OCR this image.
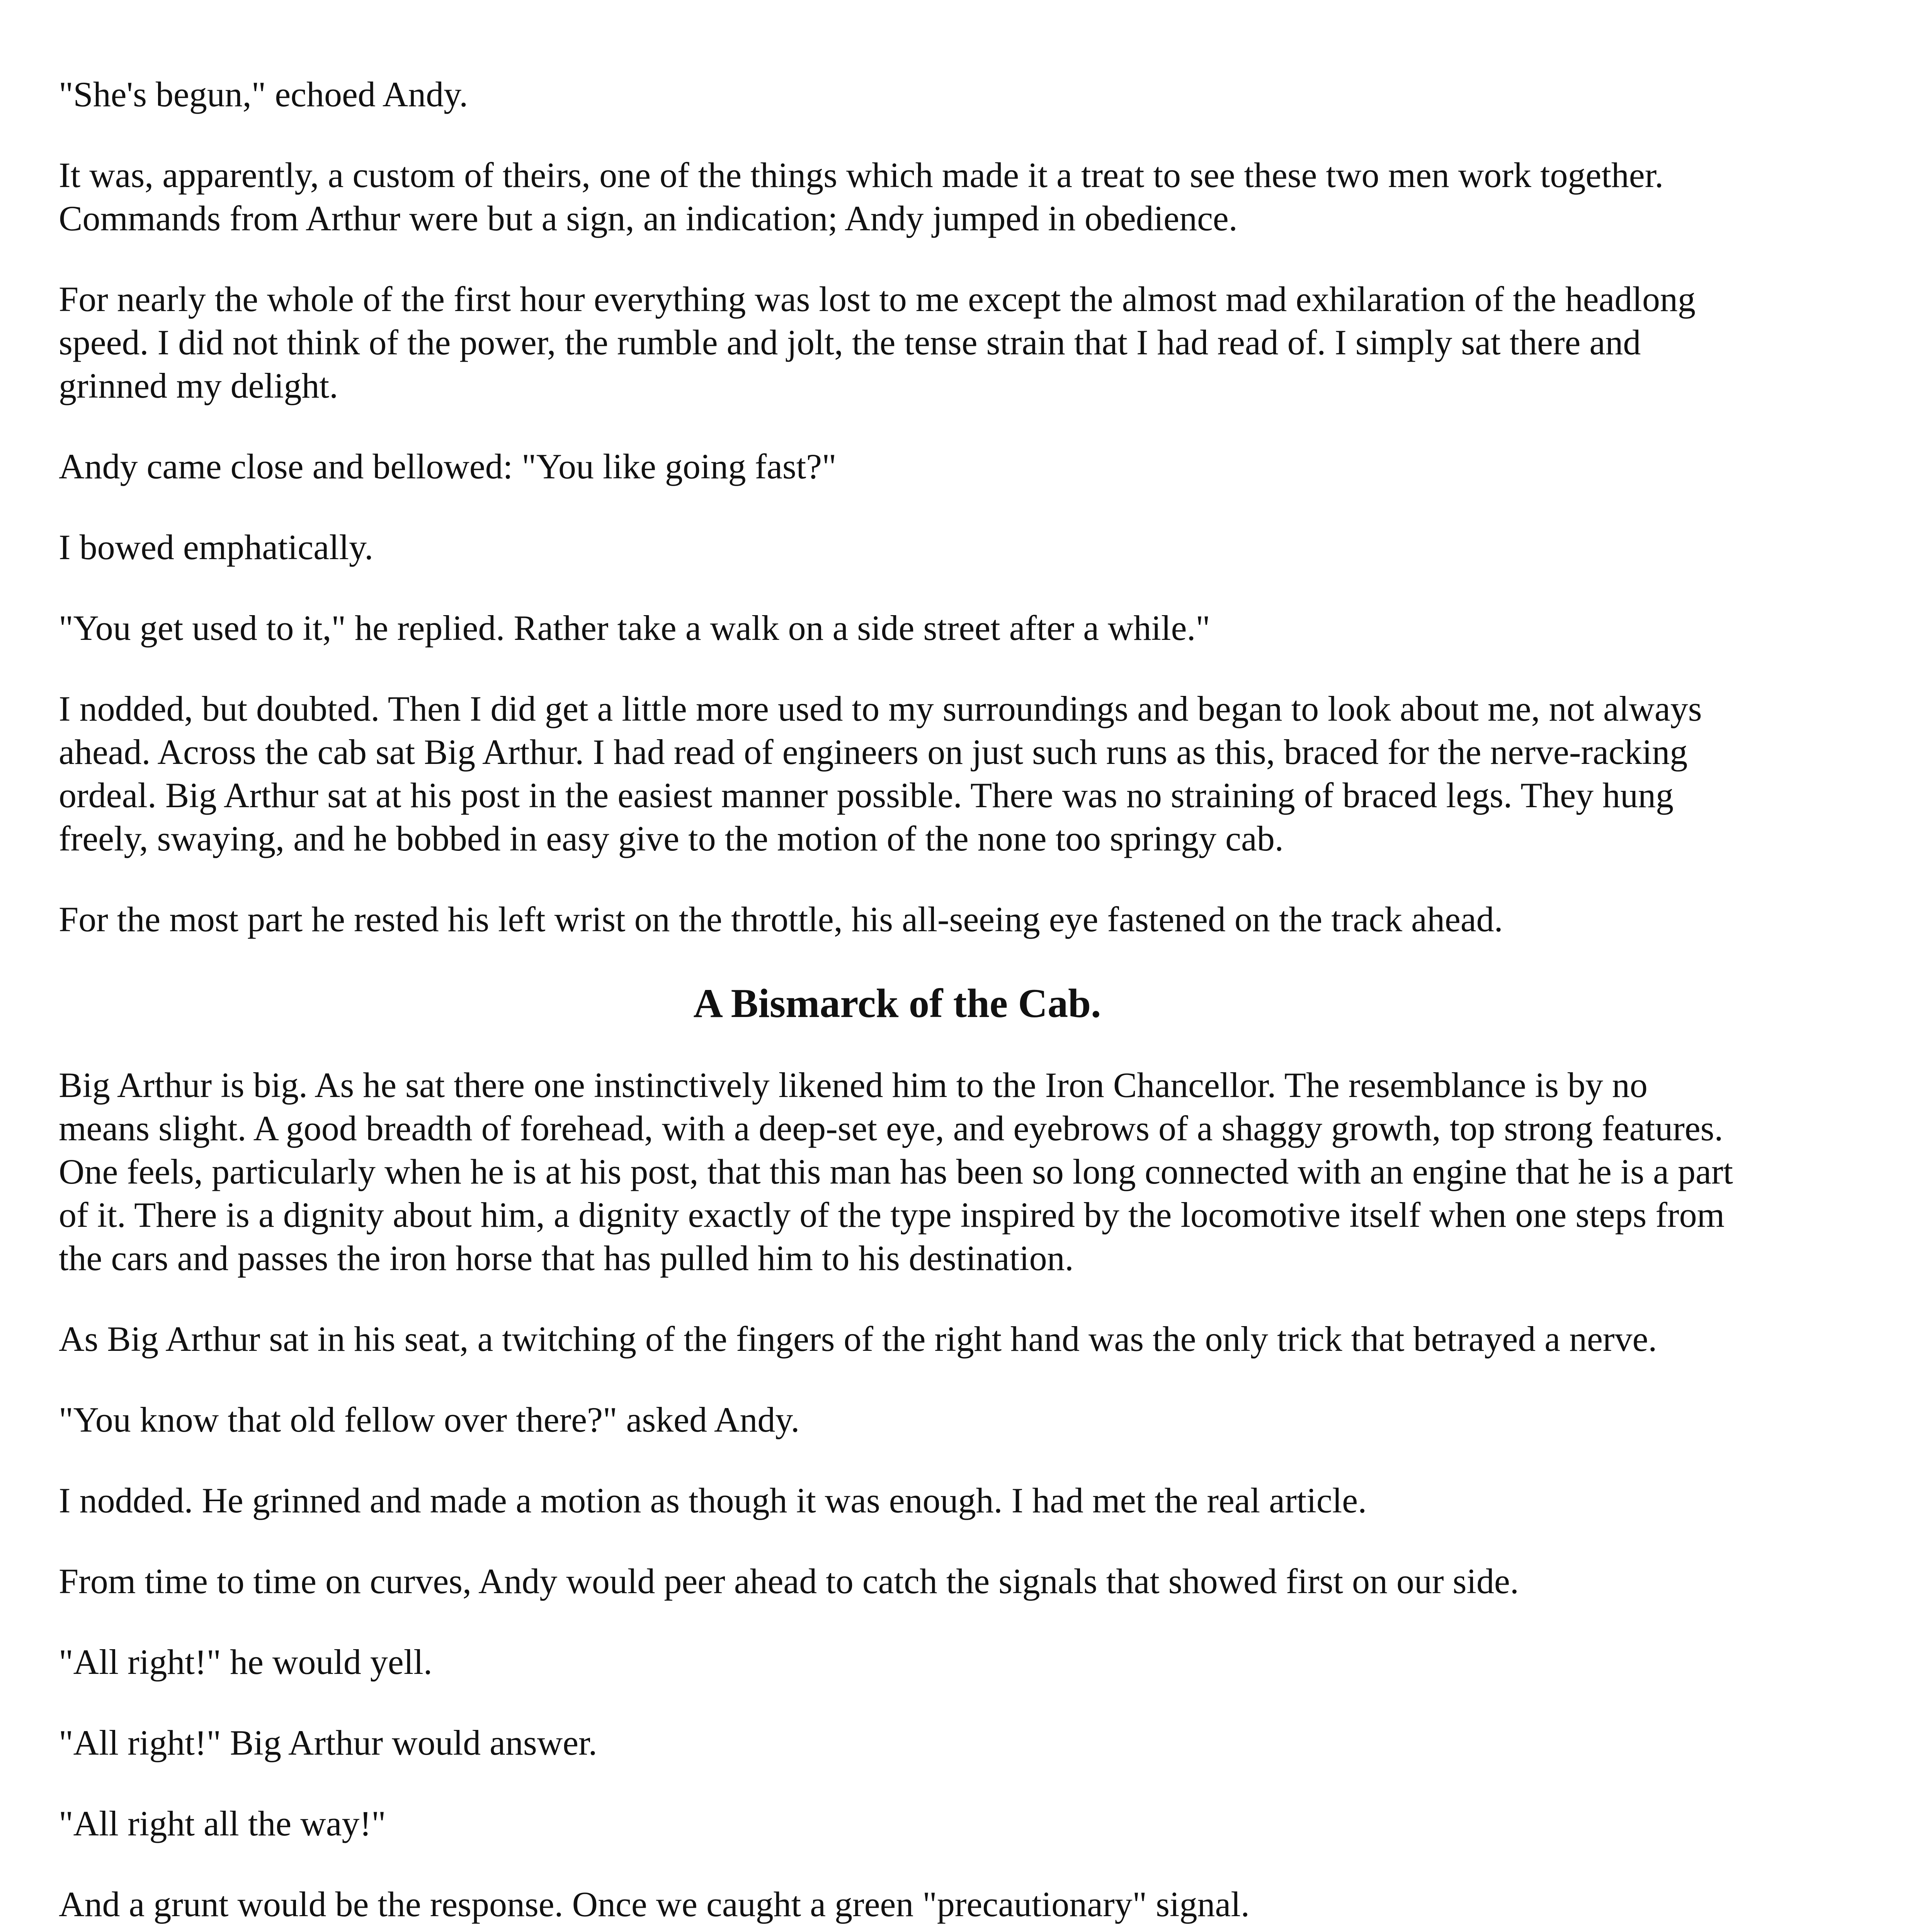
"She's begun," echoed Andy.

It was, apparently, a custom of theirs, one of the things which made it a treat to see these two men work together. Commands from Arthur were but a sign, an indication; Andy jumped in obedience.

For nearly the whole of the first hour everything was lost to me except the almost mad exhilaration of the headlong speed. I did not think of the power, the rumble and jolt, the tense strain that I had read of. I simply sat there and grinned my delight.

Andy came close and bellowed: "You like going fast?"

I bowed emphatically.

"You get used to it," he replied. Rather take a walk on a side street after a while."

I nodded, but doubted. Then I did get a little more used to my surroundings and began to look about me, not always ahead. Across the cab sat Big Arthur. I had read of engineers on just such runs as this, braced for the nerve-racking ordeal. Big Arthur sat at his post in the easiest manner possible. There was no straining of braced legs. They hung freely, swaying, and he bobbed in easy give to the motion of the none too springy cab.

For the most part he rested his left wrist on the throttle, his all-seeing eye fastened on the track ahead.

A Bismarck of the Cab.

Big Arthur is big. As he sat there one instinctively likened him to the Iron Chancellor. The resemblance is by no means slight. A good breadth of forehead, with a deep-set eye, and eyebrows of a shaggy growth, top strong features. One feels, particularly when he is at his post, that this man has been so long connected with an engine that he is a part of it. There is a dignity about him, a dignity exactly of the type inspired by the locomotive itself when one steps from the cars and passes the iron horse that has pulled him to his destination.

As Big Arthur sat in his seat, a twitching of the fingers of the right hand was the only trick that betrayed a nerve.

"You know that old fellow over there?" asked Andy.

I nodded. He grinned and made a motion as though it was enough. I had met the real article.

From time to time on curves, Andy would peer ahead to catch the signals that showed first on our side.

"All right!" he would yell.

"All right!" Big Arthur would answer.

"All right all the way!"

And a grunt would be the response. Once we caught a green "precautionary" signal.
